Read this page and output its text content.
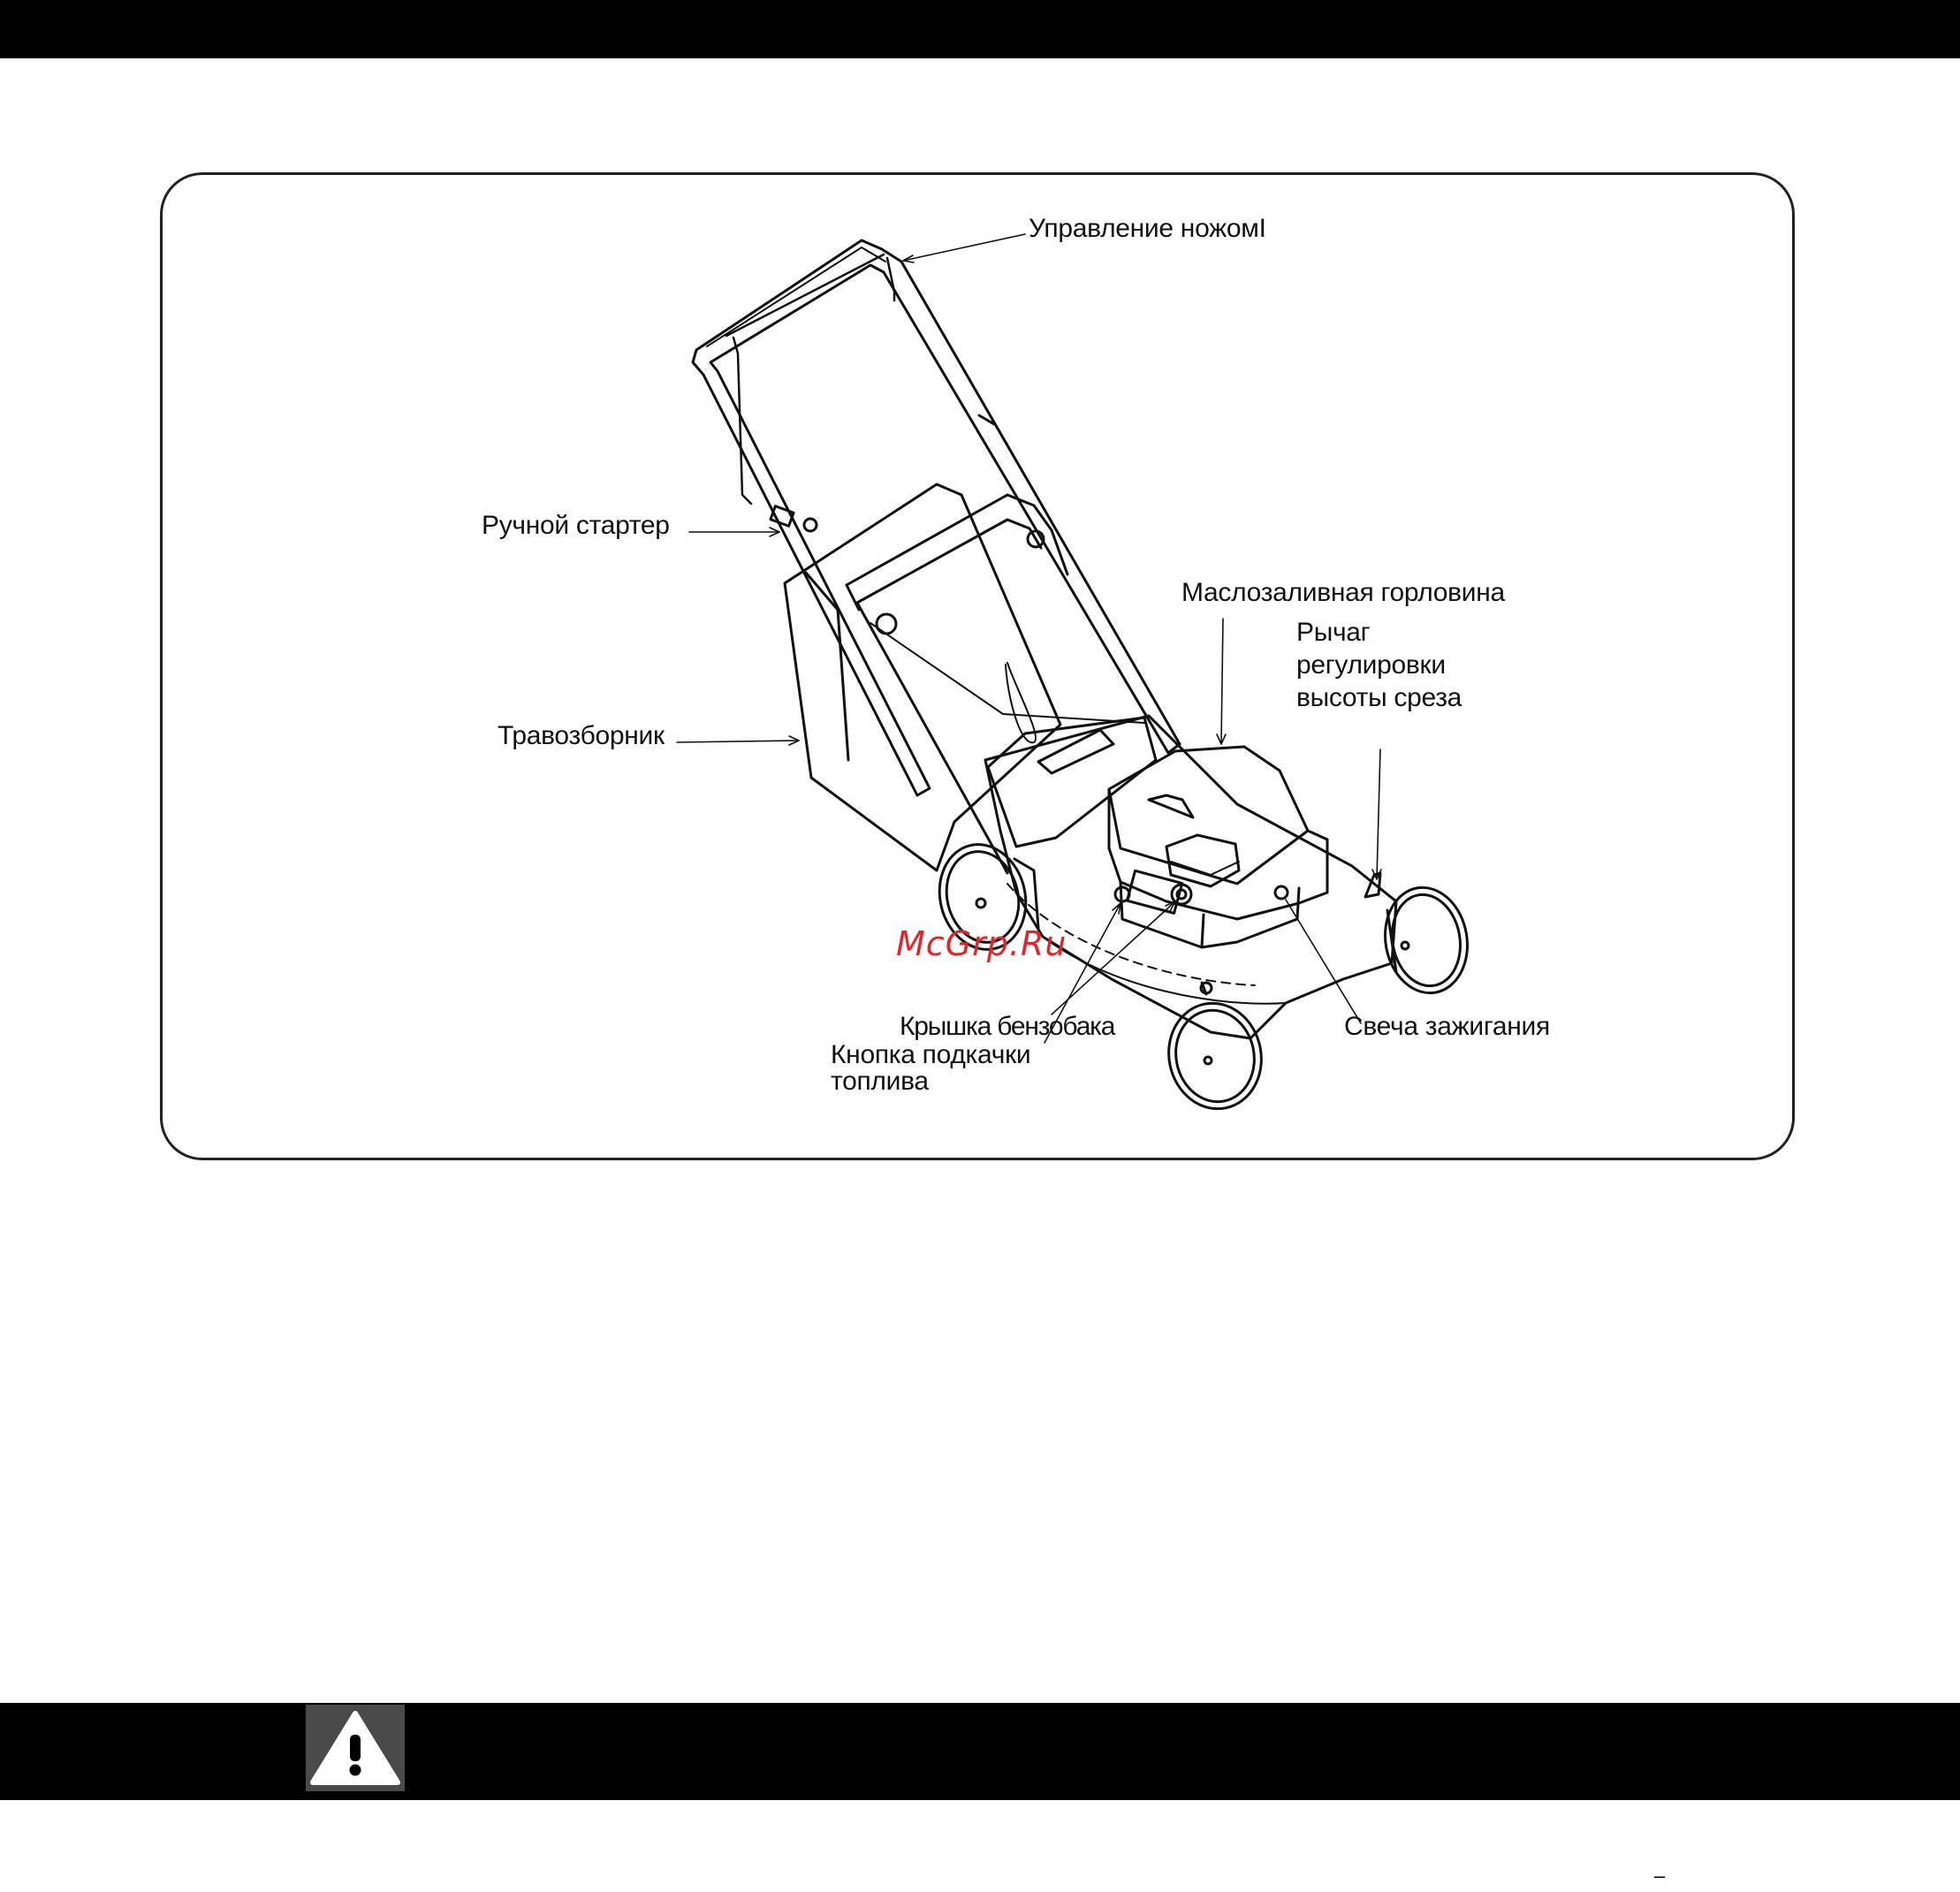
Управление ножомI
Ручной стартер
Маслозаливная горловина
Рычаг
регулировки
высоты среза
Травозборник
Крышка бензобака
Кнопка подкачки
топлива
Свеча зажигания
McGrp.Ru
–
